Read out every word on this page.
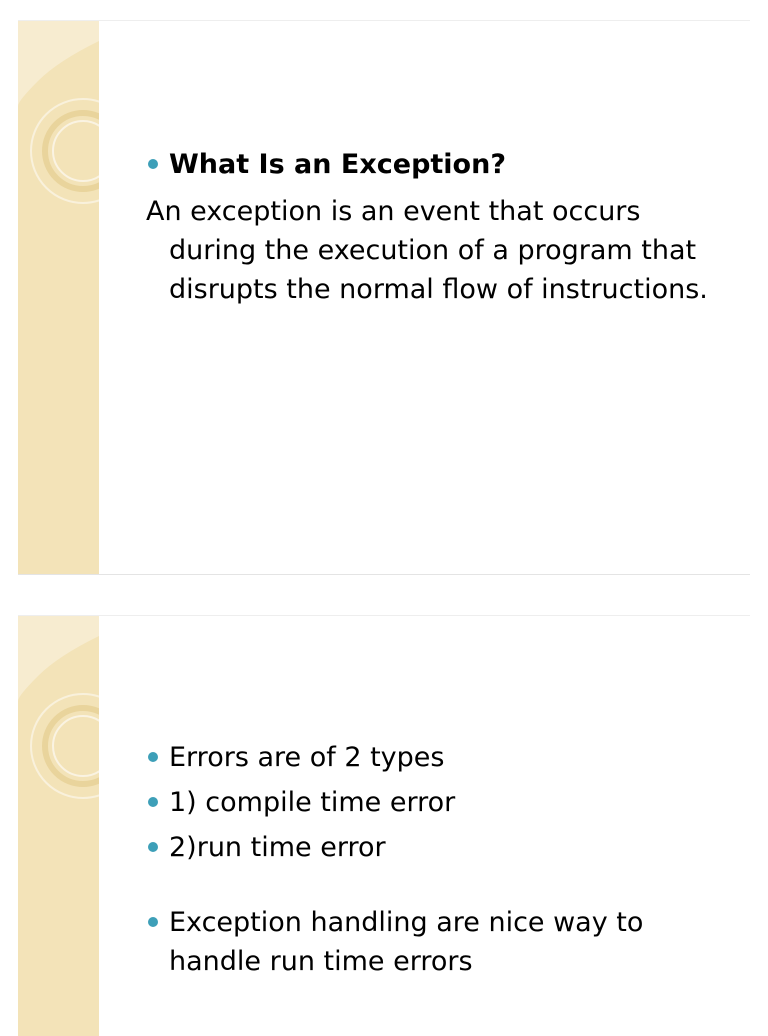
What Is an Exception?
An exception is an event that occurs during the execution of a program that disrupts the normal flow of instructions.
Errors are of 2 types
1) compile time error
2)run time error
Exception handling are nice way to handle run time errors
